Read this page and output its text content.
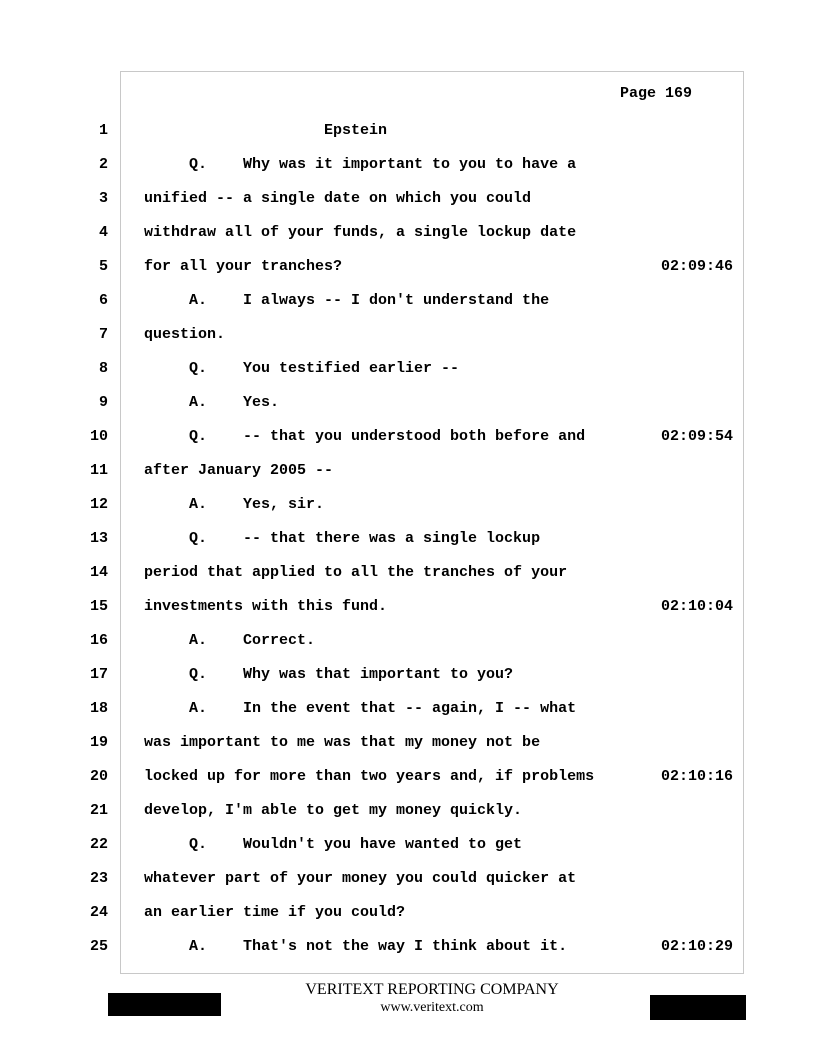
Page 169
1 Epstein
2 Q.    Why was it important to you to have a
3 unified -- a single date on which you could
4 withdraw all of your funds, a single lockup date
5 for all your tranches?	02:09:46
6 A.    I always -- I don't understand the
7 question.
8 Q.    You testified earlier --
9 A.    Yes.
10 Q.    -- that you understood both before and	02:09:54
11 after January 2005 --
12 A.    Yes, sir.
13 Q.    -- that there was a single lockup
14 period that applied to all the tranches of your
15 investments with this fund.	02:10:04
16 A.    Correct.
17 Q.    Why was that important to you?
18 A.    In the event that -- again, I -- what
19 was important to me was that my money not be
20 locked up for more than two years and, if problems	02:10:16
21 develop, I'm able to get my money quickly.
22 Q.    Wouldn't you have wanted to get
23 whatever part of your money you could quicker at
24 an earlier time if you could?
25 A.    That's not the way I think about it.	02:10:29
VERITEXT REPORTING COMPANY
www.veritext.com
